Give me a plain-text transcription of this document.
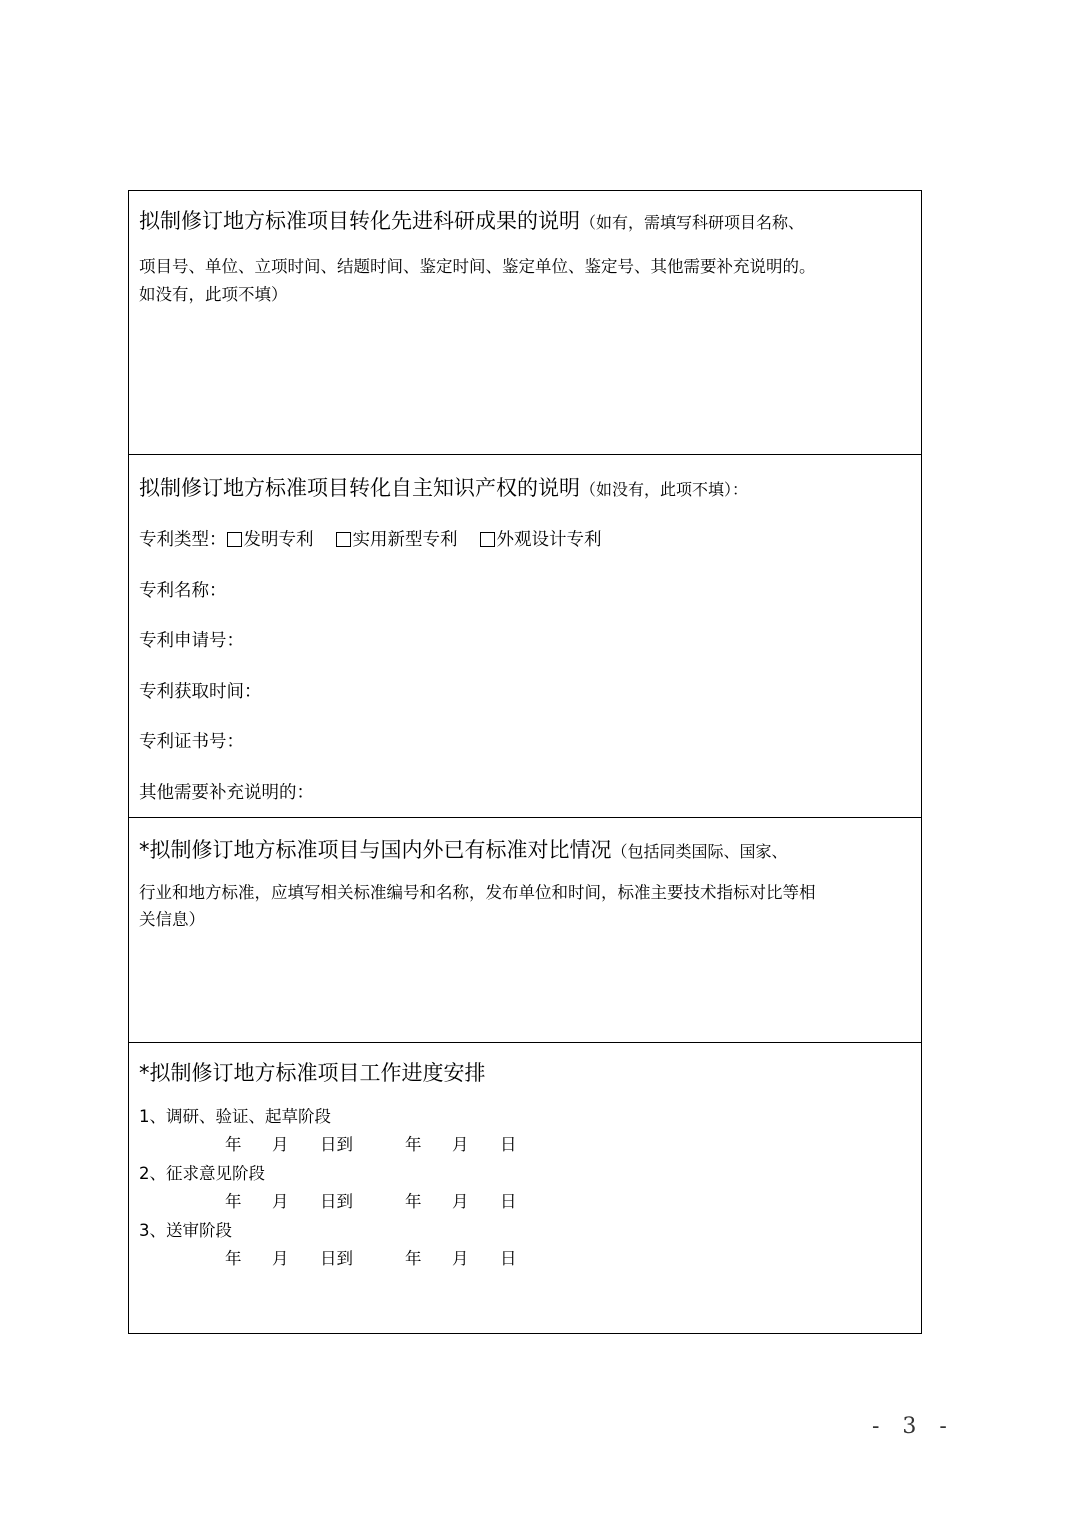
拟制修订地方标准项目转化先进科研成果的说明（如有，需填写科研项目名称、
项目号、单位、立项时间、结题时间、鉴定时间、鉴定单位、鉴定号、其他需要补充说明的。
如没有，此项不填）
拟制修订地方标准项目转化自主知识产权的说明（如没有，此项不填）：
专利类型： 发明专利 实用新型专利 外观设计专利
专利名称：
专利申请号：
专利获取时间：
专利证书号：
其他需要补充说明的：
*拟制修订地方标准项目与国内外已有标准对比情况（包括同类国际、国家、
行业和地方标准，应填写相关标准编号和名称，发布单位和时间，标准主要技术指标对比等相
关信息）
*拟制修订地方标准项目工作进度安排
1、调研、验证、起草阶段
年 月 日到	年 月 日
2、征求意见阶段
年 月 日到	年 月 日
3、送审阶段
年 月 日到	年 月 日
- 3 -
